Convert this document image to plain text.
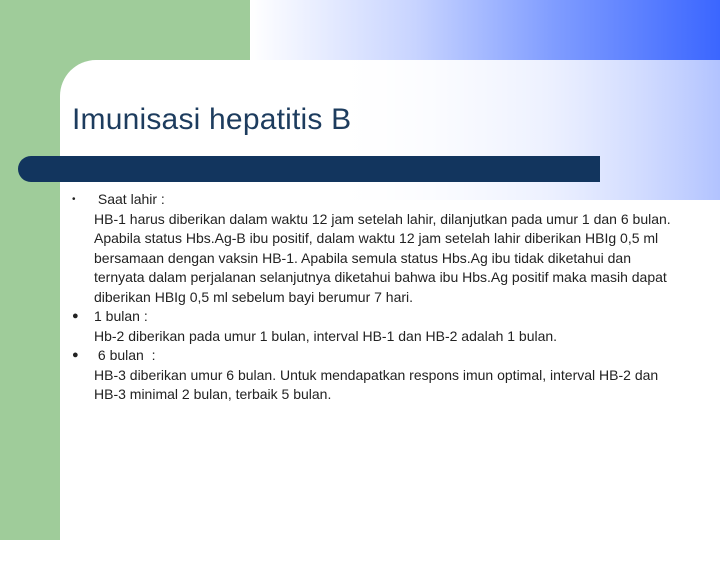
Imunisasi hepatitis B
•	Saat lahir :
HB-1 harus diberikan dalam waktu 12 jam setelah lahir, dilanjutkan pada umur 1 dan 6 bulan. Apabila status Hbs.Ag-B ibu positif, dalam waktu 12 jam setelah lahir diberikan HBIg 0,5 ml bersamaan dengan vaksin HB-1. Apabila semula status Hbs.Ag ibu tidak diketahui dan ternyata dalam perjalanan selanjutnya diketahui bahwa ibu Hbs.Ag positif maka masih dapat diberikan HBIg 0,5 ml sebelum bayi berumur 7 hari.
●	1 bulan :
Hb-2 diberikan pada umur 1 bulan, interval HB-1 dan HB-2 adalah 1 bulan.
●	6 bulan  :
HB-3 diberikan umur 6 bulan. Untuk mendapatkan respons imun optimal, interval HB-2 dan HB-3 minimal 2 bulan, terbaik 5 bulan.
